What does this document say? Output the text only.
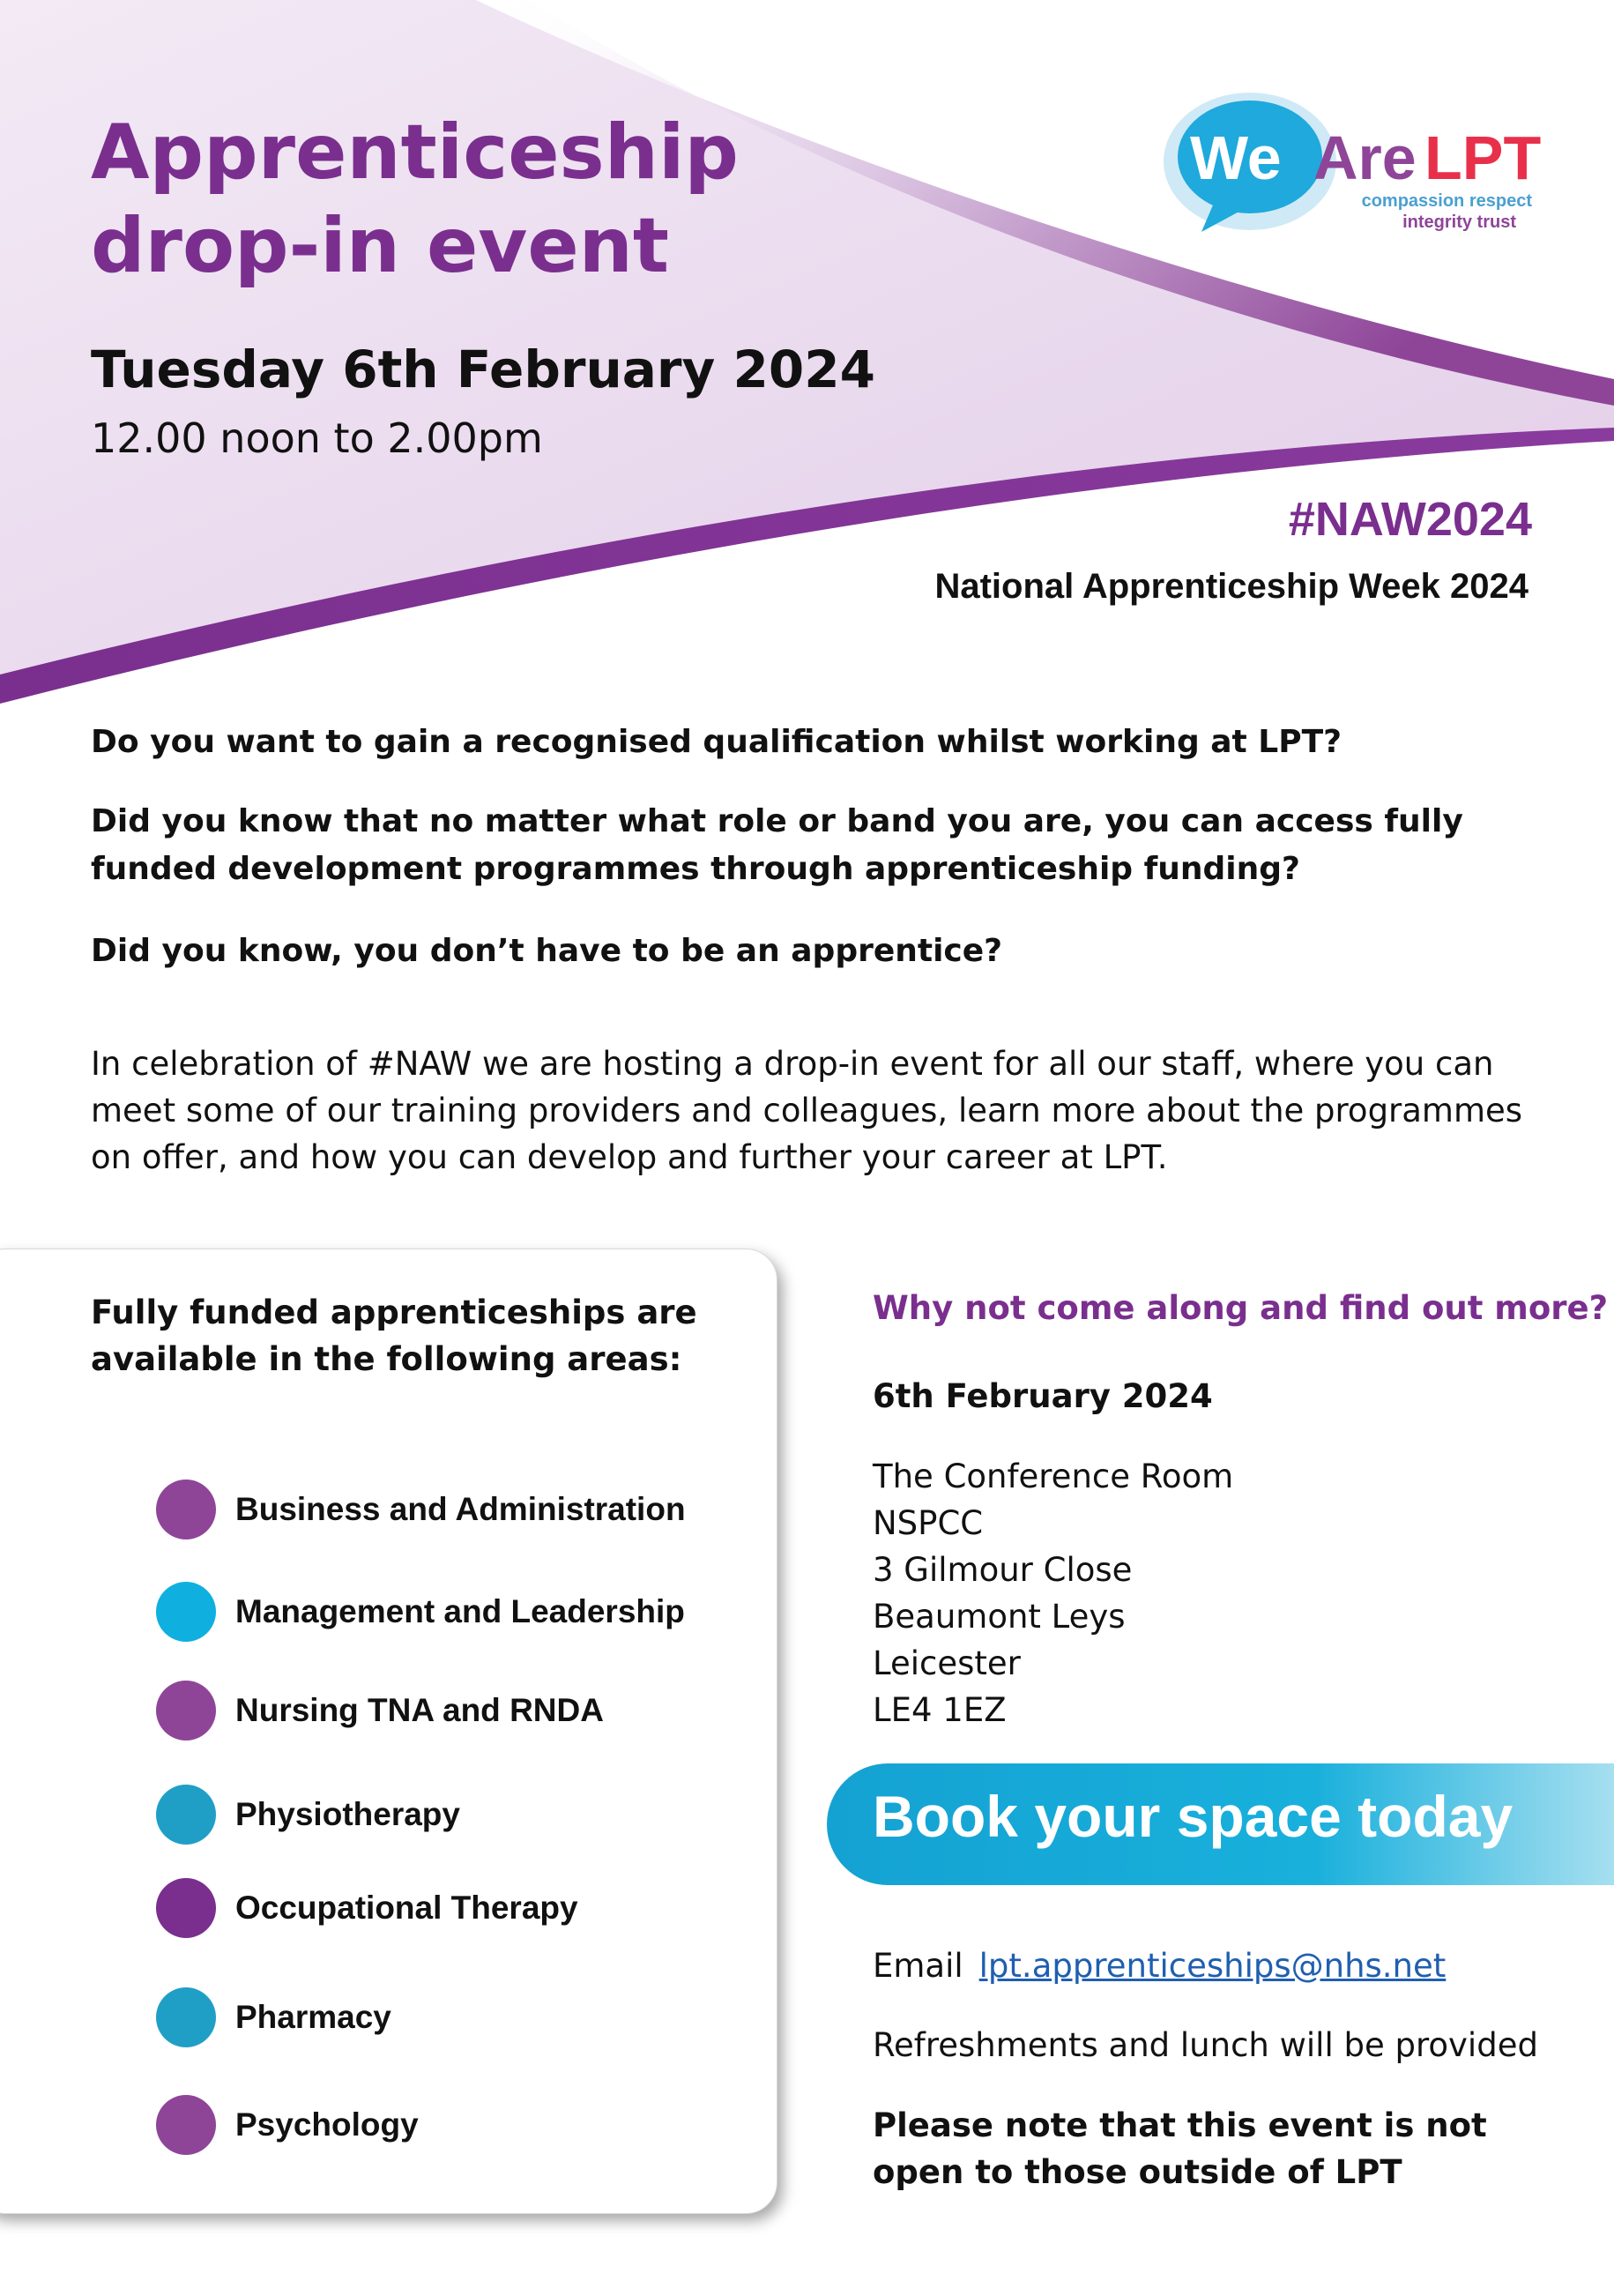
We Are LPT
compassion respect
integrity trust
Apprenticeship
drop-in event
Tuesday 6th February 2024
12.00 noon to 2.00pm
#NAW2024
National Apprenticeship Week 2024
Do you want to gain a recognised qualification whilst working at LPT?
Did you know that no matter what role or band you are, you can access fully funded development programmes through apprenticeship funding?
Did you know, you don’t have to be an apprentice?
In celebration of #NAW we are hosting a drop-in event for all our staff, where you can meet some of our training providers and colleagues, learn more about the programmes on offer, and how you can develop and further your career at LPT.
Fully funded apprenticeships are available in the following areas:
Business and Administration
Management and Leadership
Nursing TNA and RNDA
Physiotherapy
Occupational Therapy
Pharmacy
Psychology
Why not come along and find out more?
6th February 2024
The Conference Room
NSPCC
3 Gilmour Close
Beaumont Leys
Leicester
LE4 1EZ
Book your space today
Email lpt.apprenticeships@nhs.net
Refreshments and lunch will be provided
Please note that this event is not open to those outside of LPT
